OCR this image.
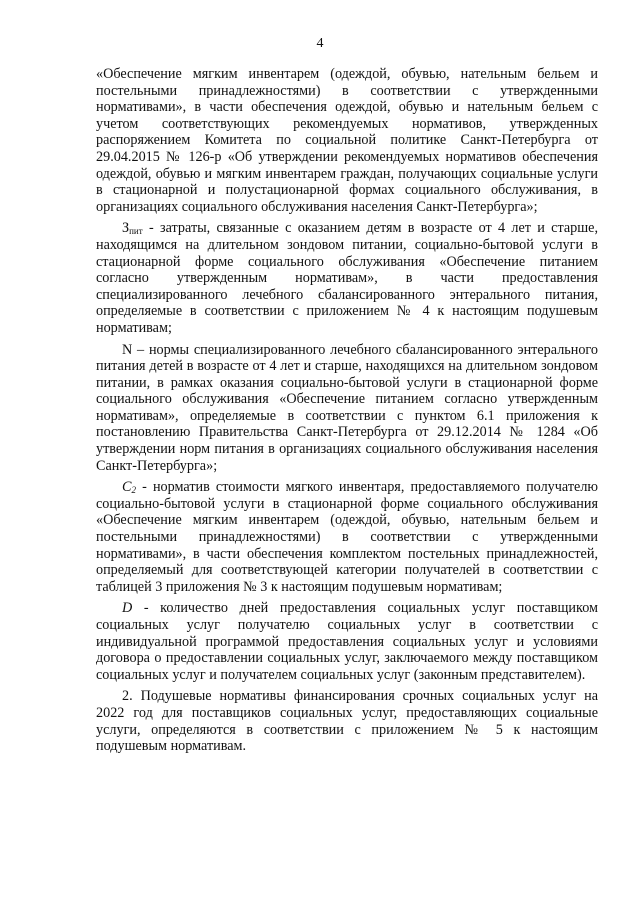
4

«Обеспечение мягким инвентарем (одеждой, обувью, нательным бельем и постельными принадлежностями) в соответствии с утвержденными нормативами», в части обеспечения одеждой, обувью и нательным бельем с учетом соответствующих рекомендуемых нормативов, утвержденных распоряжением Комитета по социальной политике Санкт-Петербурга от 29.04.2015 № 126-р «Об утверждении рекомендуемых нормативов обеспечения одеждой, обувью и мягким инвентарем граждан, получающих социальные услуги в стационарной и полустационарной формах социального обслуживания, в организациях социального обслуживания населения Санкт-Петербурга»;

$З_{пит}$ - затраты, связанные с оказанием детям в возрасте от 4 лет и старше, находящимся на длительном зондовом питании, социально-бытовой услуги в стационарной форме социального обслуживания «Обеспечение питанием согласно утвержденным нормативам», в части предоставления специализированного лечебного сбалансированного энтерального питания, определяемые в соответствии с приложением № 4 к настоящим подушевым нормативам;

N – нормы специализированного лечебного сбалансированного энтерального питания детей в возрасте от 4 лет и старше, находящихся на длительном зондовом питании, в рамках оказания социально-бытовой услуги в стационарной форме социального обслуживания «Обеспечение питанием согласно утвержденным нормативам», определяемые в соответствии с пунктом 6.1 приложения к постановлению Правительства Санкт-Петербурга от 29.12.2014 № 1284 «Об утверждении норм питания в организациях социального обслуживания населения Санкт-Петербурга»;

$C_2$ - норматив стоимости мягкого инвентаря, предоставляемого получателю социально-бытовой услуги в стационарной форме социального обслуживания «Обеспечение мягким инвентарем (одеждой, обувью, нательным бельем и постельными принадлежностями) в соответствии с утвержденными нормативами», в части обеспечения комплектом постельных принадлежностей, определяемый для соответствующей категории получателей в соответствии с таблицей 3 приложения № 3 к настоящим подушевым нормативам;

D - количество дней предоставления социальных услуг поставщиком социальных услуг получателю социальных услуг в соответствии с индивидуальной программой предоставления социальных услуг и условиями договора о предоставлении социальных услуг, заключаемого между поставщиком социальных услуг и получателем социальных услуг (законным представителем).

2. Подушевые нормативы финансирования срочных социальных услуг на 2022 год для поставщиков социальных услуг, предоставляющих социальные услуги, определяются в соответствии с приложением № 5 к настоящим подушевым нормативам.
